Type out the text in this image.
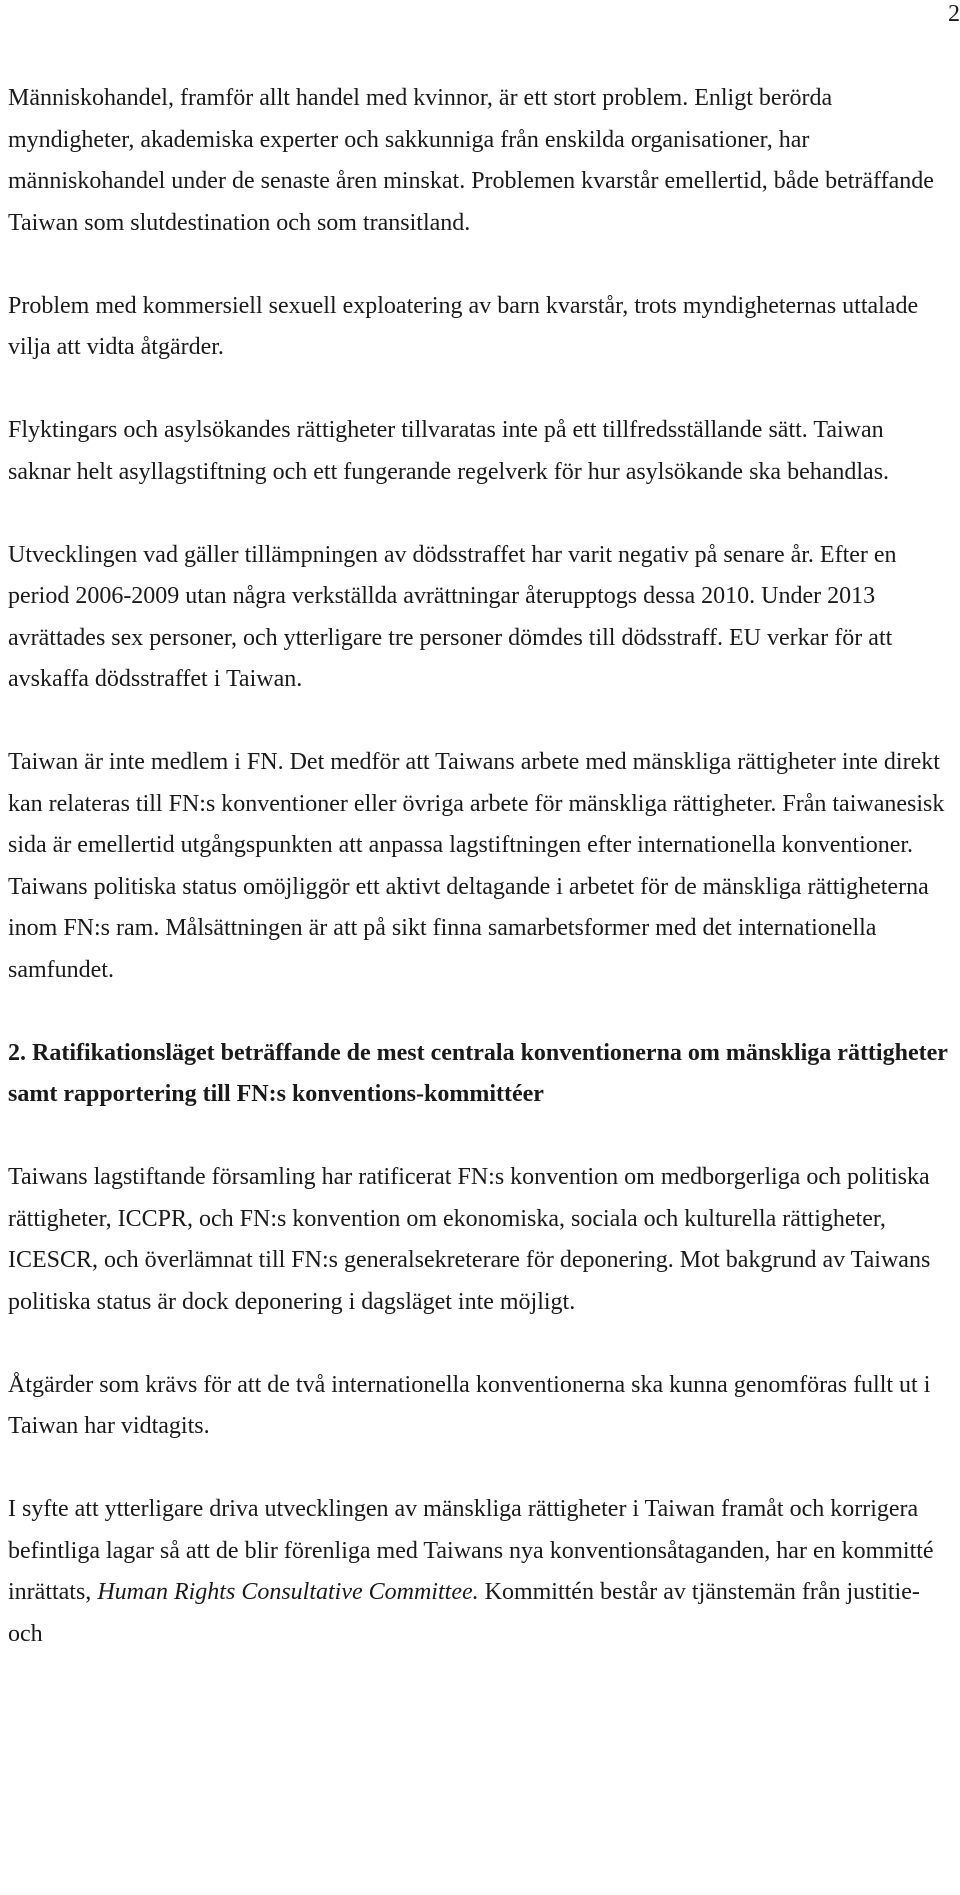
2

Människohandel, framför allt handel med kvinnor, är ett stort problem. Enligt berörda myndigheter, akademiska experter och sakkunniga från enskilda organisationer, har människohandel under de senaste åren minskat. Problemen kvarstår emellertid, både beträffande Taiwan som slutdestination och som transitland.

Problem med kommersiell sexuell exploatering av barn kvarstår, trots myndigheternas uttalade vilja att vidta åtgärder.

Flyktingars och asylsökandes rättigheter tillvaratas inte på ett tillfredsställande sätt. Taiwan saknar helt asyllagstiftning och ett fungerande regelverk för hur asylsökande ska behandlas.

Utvecklingen vad gäller tillämpningen av dödsstraffet har varit negativ på senare år. Efter en period 2006-2009 utan några verkställda avrättningar återupptogs dessa 2010. Under 2013 avrättades sex personer, och ytterligare tre personer dömdes till dödsstraff. EU verkar för att avskaffa dödsstraffet i Taiwan.

Taiwan är inte medlem i FN. Det medför att Taiwans arbete med mänskliga rättigheter inte direkt kan relateras till FN:s konventioner eller övriga arbete för mänskliga rättigheter. Från taiwanesisk sida är emellertid utgångspunkten att anpassa lagstiftningen efter internationella konventioner. Taiwans politiska status omöjliggör ett aktivt deltagande i arbetet för de mänskliga rättigheterna inom FN:s ram. Målsättningen är att på sikt finna samarbetsformer med det internationella samfundet.

2. Ratifikationsläget beträffande de mest centrala konventionerna om mänskliga rättigheter samt rapportering till FN:s konventions-kommittéer

Taiwans lagstiftande församling har ratificerat FN:s konvention om medborgerliga och politiska rättigheter, ICCPR, och FN:s konvention om ekonomiska, sociala och kulturella rättigheter, ICESCR, och överlämnat till FN:s generalsekreterare för deponering. Mot bakgrund av Taiwans politiska status är dock deponering i dagsläget inte möjligt.

Åtgärder som krävs för att de två internationella konventionerna ska kunna genomföras fullt ut i Taiwan har vidtagits.

I syfte att ytterligare driva utvecklingen av mänskliga rättigheter i Taiwan framåt och korrigera befintliga lagar så att de blir förenliga med Taiwans nya konventionsåtaganden, har en kommitté inrättats, Human Rights Consultative Committee. Kommittén består av tjänstemän från justitie- och
